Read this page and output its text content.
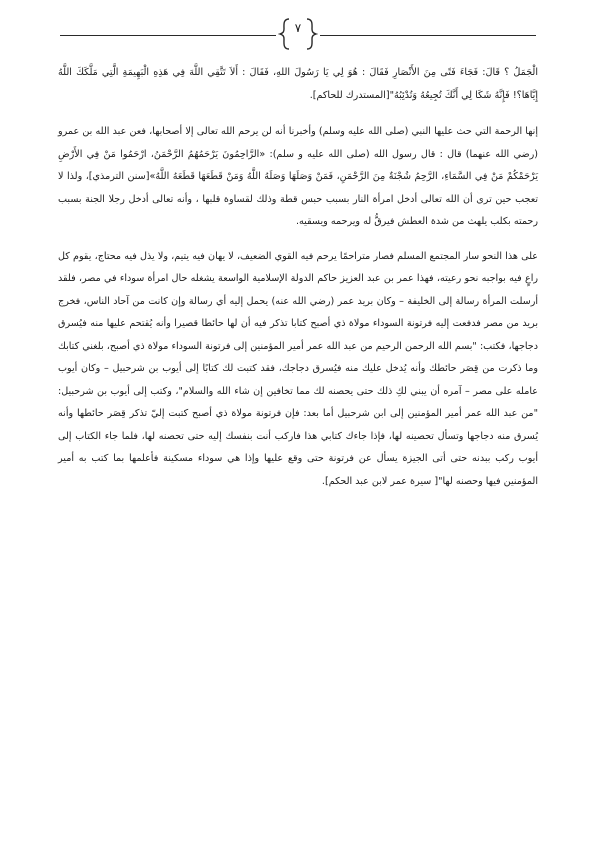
٧

الْجَمَلُ ؟ قَالَ: فَجَاءَ فَتًى مِنَ الأَنْصَارِ فَقَالَ : هُوَ لِي يَا رَسُولَ اللهِ، فَقَالَ : أَلاَ تَتَّقِي اللَّهَ فِي هَذِهِ الْبَهِيمَةِ الَّتِي مَلَّكَكَ اللَّهُ إِيَّاهَا؟! فَإِنَّهُ شَكَا لِي أَنَّكَ تُجِيعُهُ وَتُدْئِبُهُ"[المستدرك للحاكم].

إنها الرحمة التي حث عليها النبي (صلى الله عليه وسلم) وأخبرنا أنه لن يرحم الله تعالى إلا أصحابها، فعن عبد الله بن عمرو (رضي الله عنهما) قال : قال رسول الله (صلى الله عليه و سلم): «الرَّاحِمُونَ يَرْحَمُهُمُ الرَّحْمَنُ، ارْحَمُوا مَنْ فِي الأَرْضِ يَرْحَمْكُمْ مَنْ فِي السَّمَاءِ، الرَّحِمُ شُجْنَةٌ مِنَ الرَّحْمَنِ، فَمَنْ وَصَلَهَا وَصَلَهُ اللَّهُ وَمَنْ قَطَعَهَا قَطَعَهُ اللَّهُ»[سنن الترمذي]، ولذا لا تعجب حين ترى أن الله تعالى أدخل امرأة النار بسبب حبس قطة وذلك لقساوة قلبها ، وأنه تعالى أدخل رجلا الجنة بسبب رحمته بكلب يلهث من شدة العطش فيرقُّ له ويرحمه ويسقيه.

على هذا النحو سار المجتمع المسلم فصار متراحمًا يرحم فيه القوي الضعيف، لا يهان فيه يتيم، ولا يذل فيه محتاج، يقوم كل راعٍ فيه بواجبه نحو رعيته، فهذا عمر بن عبد العزيز حاكم الدولة الإسلامية الواسعة يشغله حال امرأة سوداء في مصر، فلقد أرسلت المرأة رسالة إلى الخليفة – وكان بريد عمر (رضي الله عنه) يحمل إليه أي رسالة وإن كانت من آحاد الناس، فخرج بريد من مصر فدفعت إليه فرتونة السوداء مولاة ذي أصبح كتابا تذكر فيه أن لها حائطا قصيرا وأنه يُقتحم عليها منه فيُسرق دجاجها، فكتب: "بسم الله الرحمن الرحيم من عبد الله عمر أمير المؤمنين إلى فرتونة السوداء مولاة ذي أصبح، بلغني كتابك وما ذكرت من قِصَر حائطك وأنه يُدخل عليك منه فيُسرق دجاجك، فقد كتبت لك كتابًا إلى أيوب بن شرحبيل – وكان أيوب عامله على مصر – آمره أن يبني لكِ ذلك حتى يحصنه لك مما تخافين إن شاء الله والسلام"، وكتب إلى أيوب بن شرحبيل: "من عبد الله عمر أمير المؤمنين إلى ابن شرحبيل أما بعد: فإن فرتونة مولاة ذي أصبح كتبت إليّ تذكر قِصَر حائطها وأنه يُسرق منه دجاجها وتسأل تحصينه لها، فإذا جاءك كتابي هذا فاركب أنت بنفسك إليه حتى تحصنه لها، فلما جاء الكتاب إلى أيوب ركب ببدنه حتى أتى الجيزة يسأل عن فرتونة حتى وقع عليها وإذا هي سوداء مسكينة فأعلمها بما كتب به أمير المؤمنين فيها وحصنه لها"[ سيرة عمر لابن عبد الحكم].
